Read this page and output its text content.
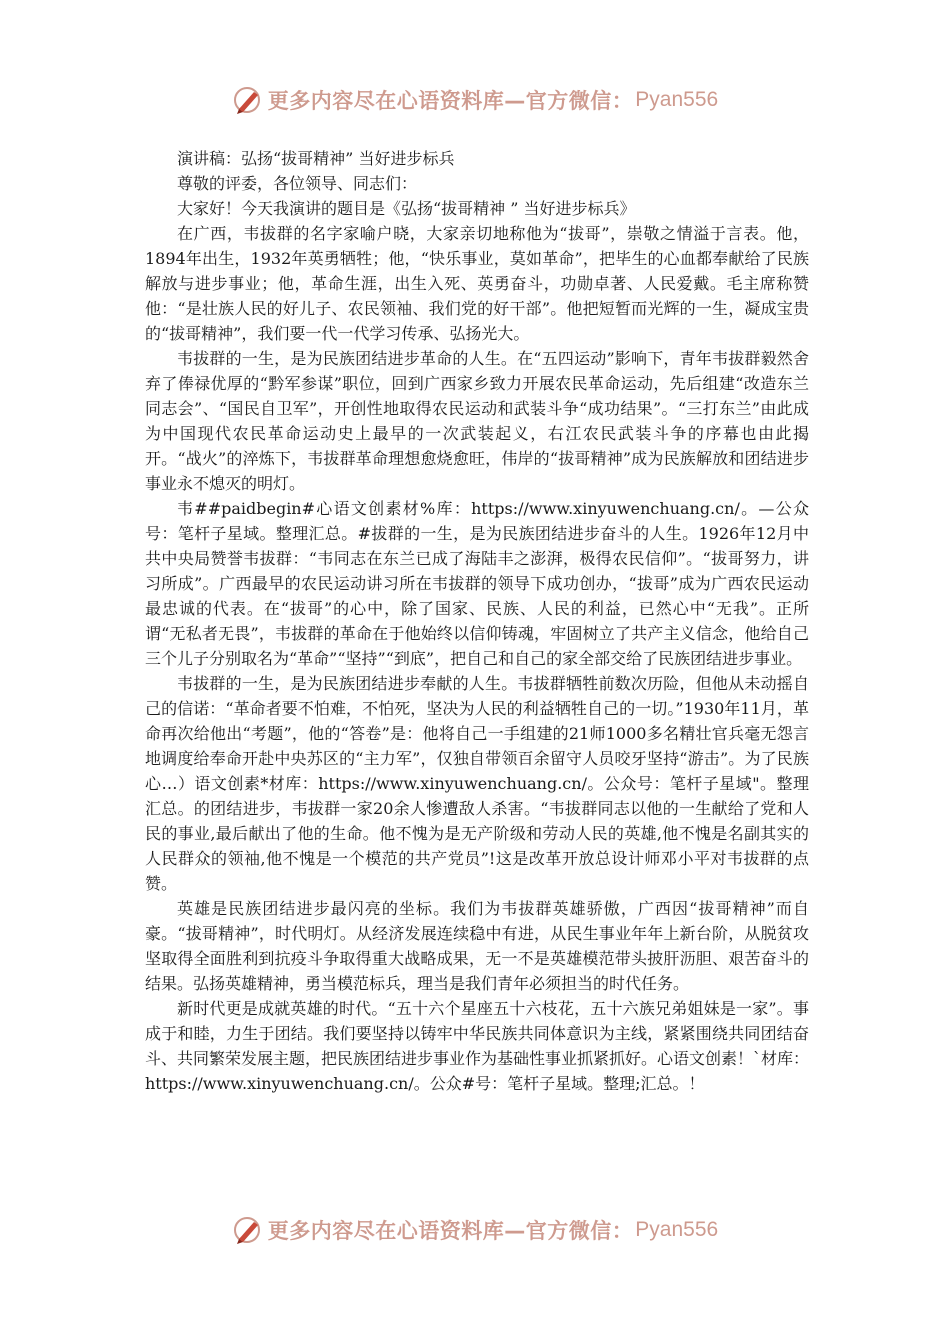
更多内容尽在心语资料库—官方微信： Pyan556

演讲稿：弘扬“拔哥精神” 当好进步标兵

尊敬的评委，各位领导、同志们：

大家好！今天我演讲的题目是《弘扬“拔哥精神 ” 当好进步标兵》

在广西，韦拔群的名字家喻户晓，大家亲切地称他为“拔哥”，崇敬之情溢于言表。他，1894年出生，1932年英勇牺牲；他，“快乐事业，莫如革命”，把毕生的心血都奉献给了民族解放与进步事业；他，革命生涯，出生入死、英勇奋斗，功勋卓著、人民爱戴。毛主席称赞他：“是壮族人民的好儿子、农民领袖、我们党的好干部”。他把短暂而光辉的一生，凝成宝贵的“拔哥精神”，我们要一代一代学习传承、弘扬光大。

韦拔群的一生，是为民族团结进步革命的人生。在“五四运动”影响下，青年韦拔群毅然舍弃了俸禄优厚的“黔军参谋”职位，回到广西家乡致力开展农民革命运动，先后组建“改造东兰同志会”、“国民自卫军”，开创性地取得农民运动和武装斗争“成功结果”。“三打东兰”由此成为中国现代农民革命运动史上最早的一次武装起义，右江农民武装斗争的序幕也由此揭开。“战火”的淬炼下，韦拔群革命理想愈烧愈旺，伟岸的“拔哥精神”成为民族解放和团结进步事业永不熄灭的明灯。

韦##paidbegin#心语文创素材%库：https://www.xinyuwenchuang.cn/。—公众号：笔杆子星域。整理汇总。#拔群的一生，是为民族团结进步奋斗的人生。1926年12月中共中央局赞誉韦拔群：“韦同志在东兰已成了海陆丰之澎湃，极得农民信仰”。“拔哥努力，讲习所成”。广西最早的农民运动讲习所在韦拔群的领导下成功创办，“拔哥”成为广西农民运动最忠诚的代表。在“拔哥”的心中，除了国家、民族、人民的利益，已然心中“无我”。正所谓“无私者无畏”，韦拔群的革命在于他始终以信仰铸魂，牢固树立了共产主义信念，他给自己三个儿子分别取名为“革命”“坚持”“到底”，把自己和自己的家全部交给了民族团结进步事业。

韦拔群的一生，是为民族团结进步奉献的人生。韦拔群牺牲前数次历险，但他从未动摇自己的信诺：“革命者要不怕难，不怕死，坚决为人民的利益牺牲自己的一切。”1930年11月，革命再次给他出“考题”，他的“答卷”是：他将自己一手组建的21师1000多名精壮官兵毫无怨言地调度给奉命开赴中央苏区的“主力军”，仅独自带领百余留守人员咬牙坚持“游击”。为了民族心…）语文创素*材库：https://www.xinyuwenchuang.cn/。公众号：笔杆子星域"。整理汇总。的团结进步，韦拔群一家20余人惨遭敌人杀害。“韦拔群同志以他的一生献给了党和人民的事业,最后献出了他的生命。他不愧为是无产阶级和劳动人民的英雄,他不愧是名副其实的人民群众的领袖,他不愧是一个模范的共产党员”!这是改革开放总设计师邓小平对韦拔群的点赞。

英雄是民族团结进步最闪亮的坐标。我们为韦拔群英雄骄傲，广西因“拔哥精神”而自豪。“拔哥精神”，时代明灯。从经济发展连续稳中有进，从民生事业年年上新台阶，从脱贫攻坚取得全面胜利到抗疫斗争取得重大战略成果，无一不是英雄模范带头披肝沥胆、艰苦奋斗的结果。弘扬英雄精神，勇当模范标兵，理当是我们青年必须担当的时代任务。

新时代更是成就英雄的时代。“五十六个星座五十六枝花，五十六族兄弟姐妹是一家”。事成于和睦，力生于团结。我们要坚持以铸牢中华民族共同体意识为主线，紧紧围绕共同团结奋斗、共同繁荣发展主题，把民族团结进步事业作为基础性事业抓紧抓好。心语文创素！`材库：https://www.xinyuwenchuang.cn/。公众#号：笔杆子星域。整理;汇总。！

更多内容尽在心语资料库—官方微信： Pyan556
